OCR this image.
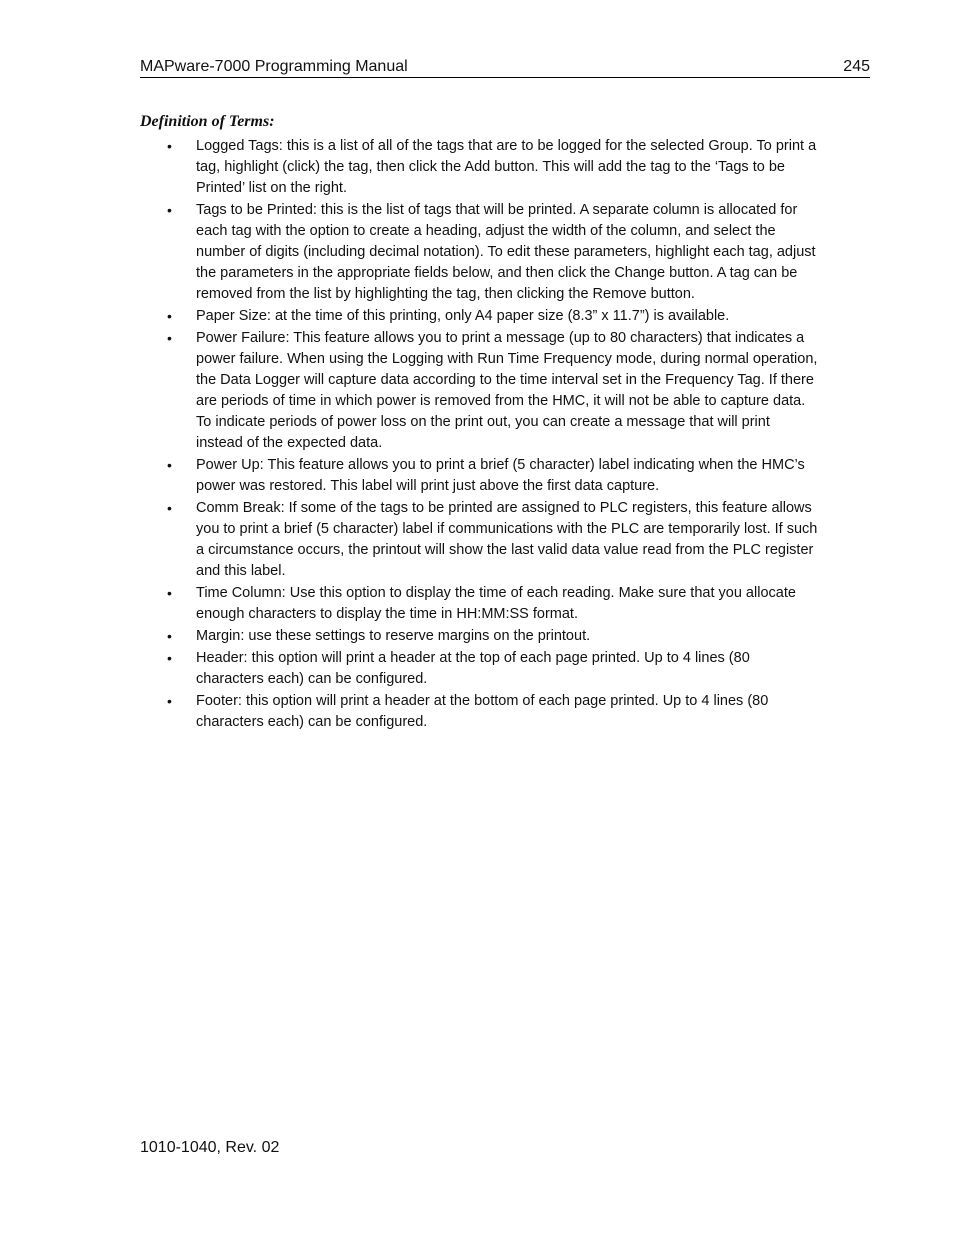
MAPware-7000 Programming Manual	245
Definition of Terms:
• Logged Tags: this is a list of all of the tags that are to be logged for the selected Group. To print a tag, highlight (click) the tag, then click the Add button. This will add the tag to the ‘Tags to be Printed’ list on the right.
• Tags to be Printed: this is the list of tags that will be printed. A separate column is allocated for each tag with the option to create a heading, adjust the width of the column, and select the number of digits (including decimal notation). To edit these parameters, highlight each tag, adjust the parameters in the appropriate fields below, and then click the Change button. A tag can be removed from the list by highlighting the tag, then clicking the Remove button.
• Paper Size: at the time of this printing, only A4 paper size (8.3” x 11.7”) is available.
• Power Failure: This feature allows you to print a message (up to 80 characters) that indicates a power failure. When using the Logging with Run Time Frequency mode, during normal operation, the Data Logger will capture data according to the time interval set in the Frequency Tag. If there are periods of time in which power is removed from the HMC, it will not be able to capture data. To indicate periods of power loss on the print out, you can create a message that will print instead of the expected data.
• Power Up: This feature allows you to print a brief (5 character) label indicating when the HMC’s power was restored. This label will print just above the first data capture.
• Comm Break: If some of the tags to be printed are assigned to PLC registers, this feature allows you to print a brief (5 character) label if communications with the PLC are temporarily lost. If such a circumstance occurs, the printout will show the last valid data value read from the PLC register and this label.
• Time Column: Use this option to display the time of each reading. Make sure that you allocate enough characters to display the time in HH:MM:SS format.
• Margin: use these settings to reserve margins on the printout.
• Header: this option will print a header at the top of each page printed. Up to 4 lines (80 characters each) can be configured.
• Footer: this option will print a header at the bottom of each page printed. Up to 4 lines (80 characters each) can be configured.
1010-1040, Rev. 02
